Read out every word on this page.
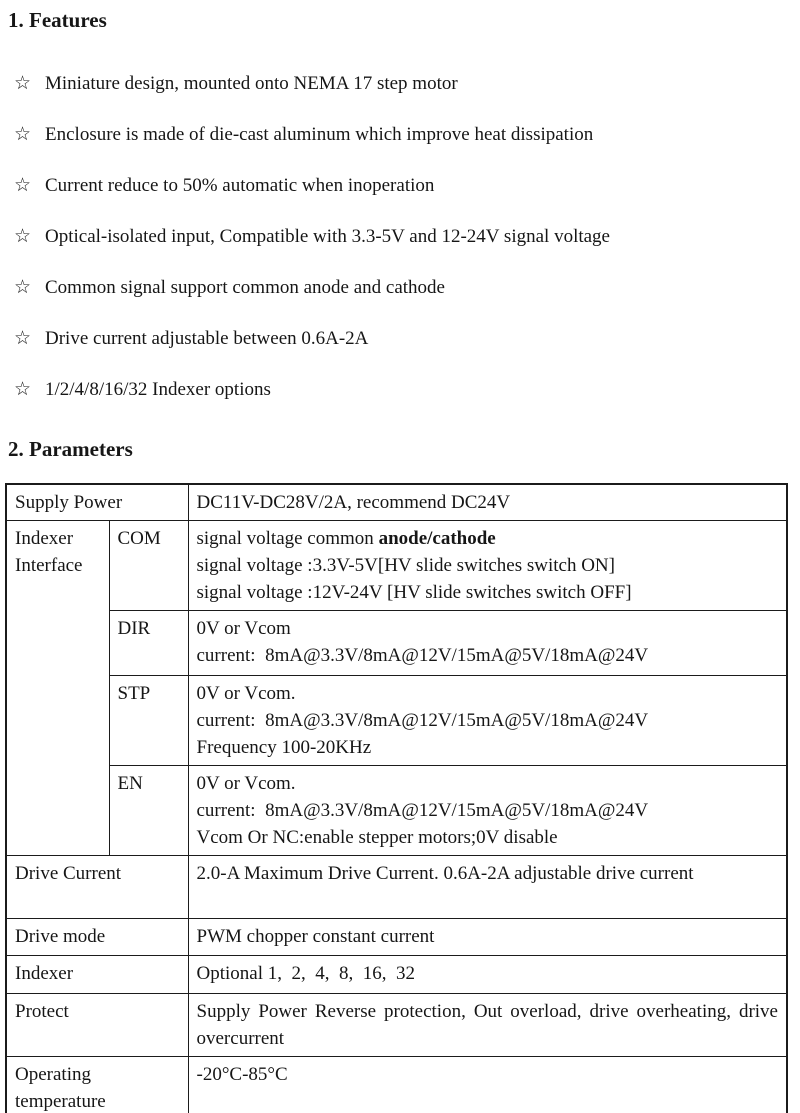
1. Features
☆ Miniature design, mounted onto NEMA 17 step motor
☆ Enclosure is made of die-cast aluminum which improve heat dissipation
☆ Current reduce to 50% automatic when inoperation
☆ Optical-isolated input, Compatible with 3.3-5V and 12-24V signal voltage
☆ Common signal support common anode and cathode
☆ Drive current adjustable between 0.6A-2A
☆ 1/2/4/8/16/32 Indexer options
2. Parameters
Supply Power		DC11V-DC28V/2A, recommend DC24V
Indexer Interface	COM	signal voltage common anode/cathode
signal voltage :3.3V-5V[HV slide switches switch ON]
signal voltage :12V-24V [HV slide switches switch OFF]

	DIR	0V or Vcom
current: 8mA@3.3V/8mA@12V/15mA@5V/18mA@24V

	STP	0V or Vcom.
current: 8mA@3.3V/8mA@12V/15mA@5V/18mA@24V
Frequency 100-20KHz

	EN	0V or Vcom.
current: 8mA@3.3V/8mA@12V/15mA@5V/18mA@24V
Vcom Or NC:enable stepper motors;0V disable

Drive Current		2.0-A Maximum Drive Current. 0.6A-2A adjustable drive current
Drive mode		PWM chopper constant current
Indexer		Optional 1, 2, 4, 8, 16, 32
Protect		Supply Power Reverse protection, Out overload, drive overheating, drive overcurrent
Operating temperature		-20°C-85°C
